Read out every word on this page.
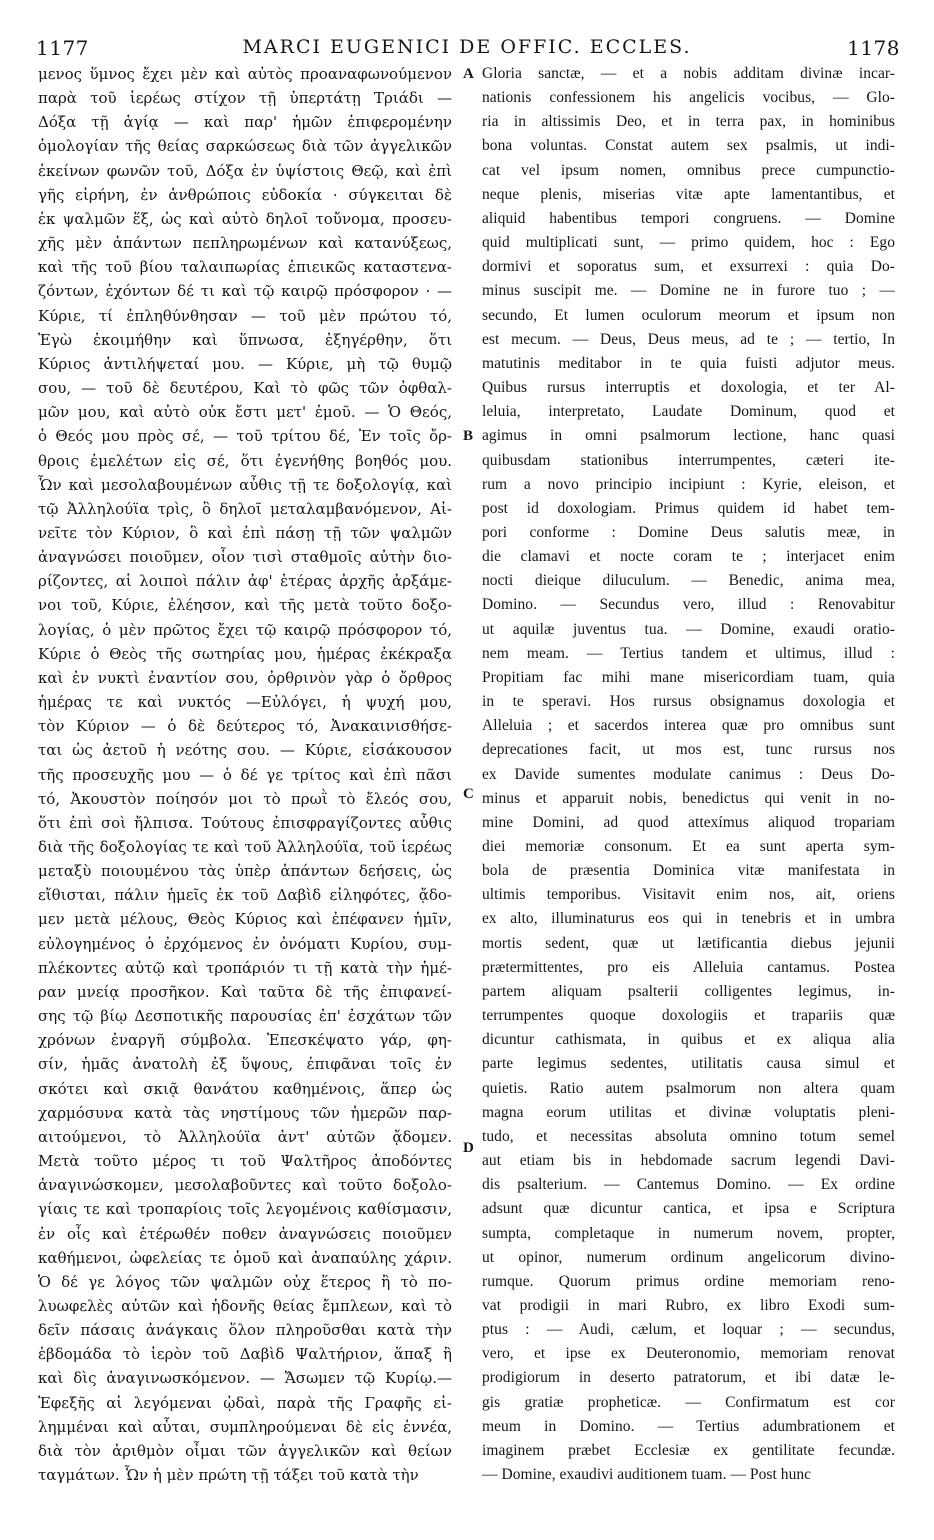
1177	MARCI EUGENICI DE OFFIC. ECCLES.	1178
μενος ὕμνος ἔχει μὲν καὶ αὐτὸς προαναφωνούμενον
παρὰ τοῦ ἱερέως στίχον τῇ ὑπερτάτῃ Τριάδι —
Δόξα τῇ ἁγίᾳ — καὶ παρ' ἡμῶν ἐπιφερομένην
ὁμολογίαν τῆς θείας σαρκώσεως διὰ τῶν ἀγγελικῶν
ἐκείνων φωνῶν τοῦ, Δόξα ἐν ὑψίστοις Θεῷ, καὶ ἐπὶ
γῆς εἰρήνη, ἐν ἀνθρώποις εὐδοκία · σύγκειται δὲ
ἐκ ψαλμῶν ἕξ, ὡς καὶ αὐτὸ δηλοῖ τοὔνομα, προσευ-
χῆς μὲν ἁπάντων πεπληρωμένων καὶ κατανύξεως,
καὶ τῆς τοῦ βίου ταλαιπωρίας ἐπιεικῶς καταστενα-
ζόντων, ἐχόντων δέ τι καὶ τῷ καιρῷ πρόσφορον · —
Κύριε, τί ἐπληθύνθησαν — τοῦ μὲν πρώτου τό,
Ἐγὼ ἐκοιμήθην καὶ ὕπνωσα, ἐξηγέρθην, ὅτι
Κύριος ἀντιλήψεταί μου. — Κύριε, μὴ τῷ θυμῷ
σου, — τοῦ δὲ δευτέρου, Καὶ τὸ φῶς τῶν ὀφθαλ-
μῶν μου, καὶ αὐτὸ οὐκ ἔστι μετ' ἐμοῦ. — Ὁ Θεός,
ὁ Θεός μου πρὸς σέ, — τοῦ τρίτου δέ, Ἐν τοῖς ὄρ-
θροις ἐμελέτων εἰς σέ, ὅτι ἐγενήθης βοηθός μου.
Ὧν καὶ μεσολαβουμένων αὖθις τῇ τε δοξολογίᾳ, καὶ
τῷ Ἀλληλούϊα τρὶς, ὃ δηλοῖ μεταλαμβανόμενον, Αἰ-
νεῖτε τὸν Κύριον, ὃ καὶ ἐπὶ πάσῃ τῇ τῶν ψαλμῶν
ἀναγνώσει ποιοῦμεν, οἷον τισὶ σταθμοῖς αὐτὴν διο-
ρίζοντες, αἱ λοιποὶ πάλιν ἀφ' ἑτέρας ἀρχῆς ἀρξάμε-
νοι τοῦ, Κύριε, ἐλέησον, καὶ τῆς μετὰ τοῦτο δοξο-
λογίας, ὁ μὲν πρῶτος ἔχει τῷ καιρῷ πρόσφορον τό,
Κύριε ὁ Θεὸς τῆς σωτηρίας μου, ἡμέρας ἐκέκραξα
καὶ ἐν νυκτὶ ἐναντίον σου, ὀρθρινὸν γὰρ ὁ ὄρθρος
ἡμέρας τε καὶ νυκτός —Εὐλόγει, ἡ ψυχή μου,
τὸν Κύριον — ὁ δὲ δεύτερος τό, Ἀνακαινισθήσε-
ται ὡς ἀετοῦ ἡ νεότης σου. — Κύριε, εἰσάκουσον
τῆς προσευχῆς μου — ὁ δέ γε τρίτος καὶ ἐπὶ πᾶσι
τό, Ἀκουστὸν ποίησόν μοι τὸ πρωῒ τὸ ἔλεός σου,
ὅτι ἐπὶ σοὶ ἤλπισα. Τούτους ἐπισφραγίζοντες αὖθις
διὰ τῆς δοξολογίας τε καὶ τοῦ Ἀλληλούϊα, τοῦ ἱερέως
μεταξὺ ποιουμένου τὰς ὑπὲρ ἁπάντων δεήσεις, ὡς
εἴθισται, πάλιν ἡμεῖς ἐκ τοῦ Δαβὶδ εἰληφότες, ᾄδο-
μεν μετὰ μέλους, Θεὸς Κύριος καὶ ἐπέφανεν ἡμῖν,
εὐλογημένος ὁ ἐρχόμενος ἐν ὀνόματι Κυρίου, συμ-
πλέκοντες αὐτῷ καὶ τροπάριόν τι τῇ κατὰ τὴν ἡμέ-
ραν μνείᾳ προσῆκον. Καὶ ταῦτα δὲ τῆς ἐπιφανεί-
σης τῷ βίῳ Δεσποτικῆς παρουσίας ἐπ' ἐσχάτων τῶν
χρόνων ἐναργῆ σύμβολα. Ἐπεσκέψατο γάρ, φη-
σίν, ἡμᾶς ἀνατολὴ ἐξ ὕψους, ἐπιφᾶναι τοῖς ἐν
σκότει καὶ σκιᾷ θανάτου καθημένοις, ἅπερ ὡς
χαρμόσυνα κατὰ τὰς νηστίμους τῶν ἡμερῶν παρ-
αιτούμενοι, τὸ Ἀλληλούϊα ἀντ' αὐτῶν ᾄδομεν.
Μετὰ τοῦτο μέρος τι τοῦ Ψαλτῆρος ἀποδόντες
ἀναγινώσκομεν, μεσολαβοῦντες καὶ τοῦτο δοξολο-
γίαις τε καὶ τροπαρίοις τοῖς λεγομένοις καθίσμασιν,
ἐν οἷς καὶ ἑτέρωθέν ποθεν ἀναγνώσεις ποιοῦμεν
καθήμενοι, ὠφελείας τε ὁμοῦ καὶ ἀναπαύλης χάριν.
Ὁ δέ γε λόγος τῶν ψαλμῶν οὐχ ἕτερος ἢ τὸ πο-
λυωφελὲς αὐτῶν καὶ ἡδονῆς θείας ἔμπλεων, καὶ τὸ
δεῖν πάσαις ἀνάγκαις ὅλον πληροῦσθαι κατὰ τὴν
ἑβδομάδα τὸ ἱερὸν τοῦ Δαβὶδ Ψαλτήριον, ἅπαξ ἢ
καὶ δὶς ἀναγινωσκόμενον. — Ἄσωμεν τῷ Κυρίῳ.—
Ἐφεξῆς αἱ λεγόμεναι ᾠδαὶ, παρὰ τῆς Γραφῆς εἰ-
λημμέναι καὶ αὗται, συμπληρούμεναι δὲ εἰς ἐννέα,
διὰ τὸν ἀριθμὸν οἶμαι τῶν ἀγγελικῶν καὶ θείων
ταγμάτων. Ὧν ἡ μὲν πρώτη τῇ τάξει τοῦ κατὰ τὴν
Gloria sanctæ, — et a nobis additam divinæ incar-
nationis confessionem his angelicis vocibus, — Glo-
ria in altissimis Deo, et in terra pax, in hominibus
bona voluntas. Constat autem sex psalmis, ut indi-
cat vel ipsum nomen, omnibus prece cumpunctio-
neque plenis, miserias vitæ apte lamentantibus, et
aliquid habentibus tempori congruens. — Domine
quid multiplicati sunt, — primo quidem, hoc : Ego
dormivi et soporatus sum, et exsurrexi : quia Do-
minus suscipit me. — Domine ne in furore tuo ; —
secundo, Et lumen oculorum meorum et ipsum non
est mecum. — Deus, Deus meus, ad te ; — tertio, In
matutinis meditabor in te quia fuisti adjutor meus.
Quibus rursus interruptis et doxologia, et ter Al-
leluia, interpretato, Laudate Dominum, quod et
agimus in omni psalmorum lectione, hanc quasi
quibusdam stationibus interrumpentes, cæteri ite-
rum a novo principio incipiunt : Kyrie, eleison, et
post id doxologiam. Primus quidem id habet tem-
pori conforme : Domine Deus salutis meæ, in
die clamavi et nocte coram te ; interjacet enim
nocti dieique diluculum. — Benedic, anima mea,
Domino. — Secundus vero, illud : Renovabitur
ut aquilæ juventus tua. — Domine, exaudi oratio-
nem meam. — Tertius tandem et ultimus, illud :
Propitiam fac mihi mane misericordiam tuam, quia
in te speravi. Hos rursus obsignamus doxologia et
Alleluia ; et sacerdos interea quæ pro omnibus sunt
deprecationes facit, ut mos est, tunc rursus nos
ex Davide sumentes modulate canimus : Deus Do-
minus et apparuit nobis, benedictus qui venit in no-
mine Domini, ad quod attexímus aliquod tropariam
diei memoriæ consonum. Et ea sunt aperta sym-
bola de præsentia Dominica vitæ manifestata in
ultimis temporibus. Visitavit enim nos, ait, oriens
ex alto, illuminaturus eos qui in tenebris et in umbra
mortis sedent, quæ ut lætificantia diebus jejunii
prætermittentes, pro eis Alleluia cantamus. Postea
partem aliquam psalterii colligentes legimus, in-
terrumpentes quoque doxologiis et trapariis quæ
dicuntur cathismata, in quibus et ex aliqua alia
parte legimus sedentes, utilitatis causa simul et
quietis. Ratio autem psalmorum non altera quam
magna eorum utilitas et divinæ voluptatis pleni-
tudo, et necessitas absoluta omnino totum semel
aut etiam bis in hebdomade sacrum legendi Davi-
dis psalterium. — Cantemus Domino. — Ex ordine
adsunt quæ dicuntur cantica, et ipsa e Scriptura
sumpta, completaque in numerum novem, propter,
ut opinor, numerum ordinum angelicorum divino-
rumque. Quorum primus ordine memoriam reno-
vat prodigii in mari Rubro, ex libro Exodi sum-
ptus : — Audi, cælum, et loquar ; — secundus,
vero, et ipse ex Deuteronomio, memoriam renovat
prodigiorum in deserto patratorum, et ibi datæ le-
gis gratiæ propheticæ. — Confirmatum est cor
meum in Domino. — Tertius adumbrationem et
imaginem præbet Ecclesiæ ex gentilitate fecundæ.
— Domine, exaudivi auditionem tuam. — Post hunc
A
B
C
D
